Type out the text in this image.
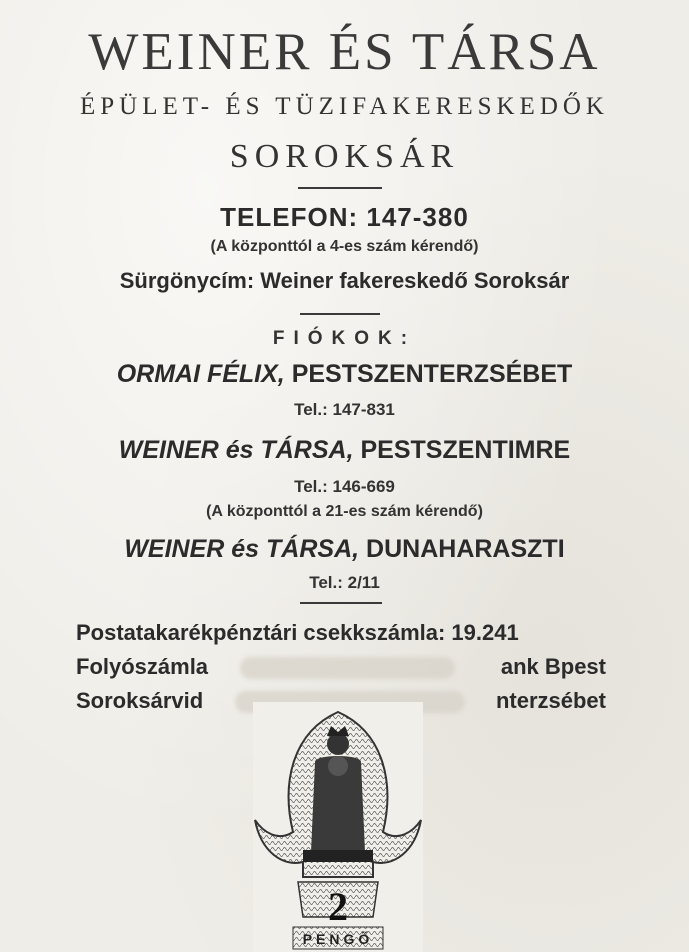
WEINER ÉS TÁRSA
ÉPÜLET- ÉS TÜZIFAKERESKEDŐK
SOROKSÁR
TELEFON: 147-380
(A központtól a 4-es szám kérendő)
Sürgönycím: Weiner fakereskedő Soroksár
FIÓKOK:
ORMAI FÉLIX, PESTSZENTERZSÉBET
Tel.: 147-831
WEINER és TÁRSA, PESTSZENTIMRE
Tel.: 146-669
(A központtól a 21-es szám kérendő)
WEINER és TÁRSA, DUNAHARASZTI
Tel.: 2/11
Postatakarékpénztári csekkszámla: 19.241
Folyószámla	ank Bpest
Soroksárvid	nterzsébet
2
PENGŐ
